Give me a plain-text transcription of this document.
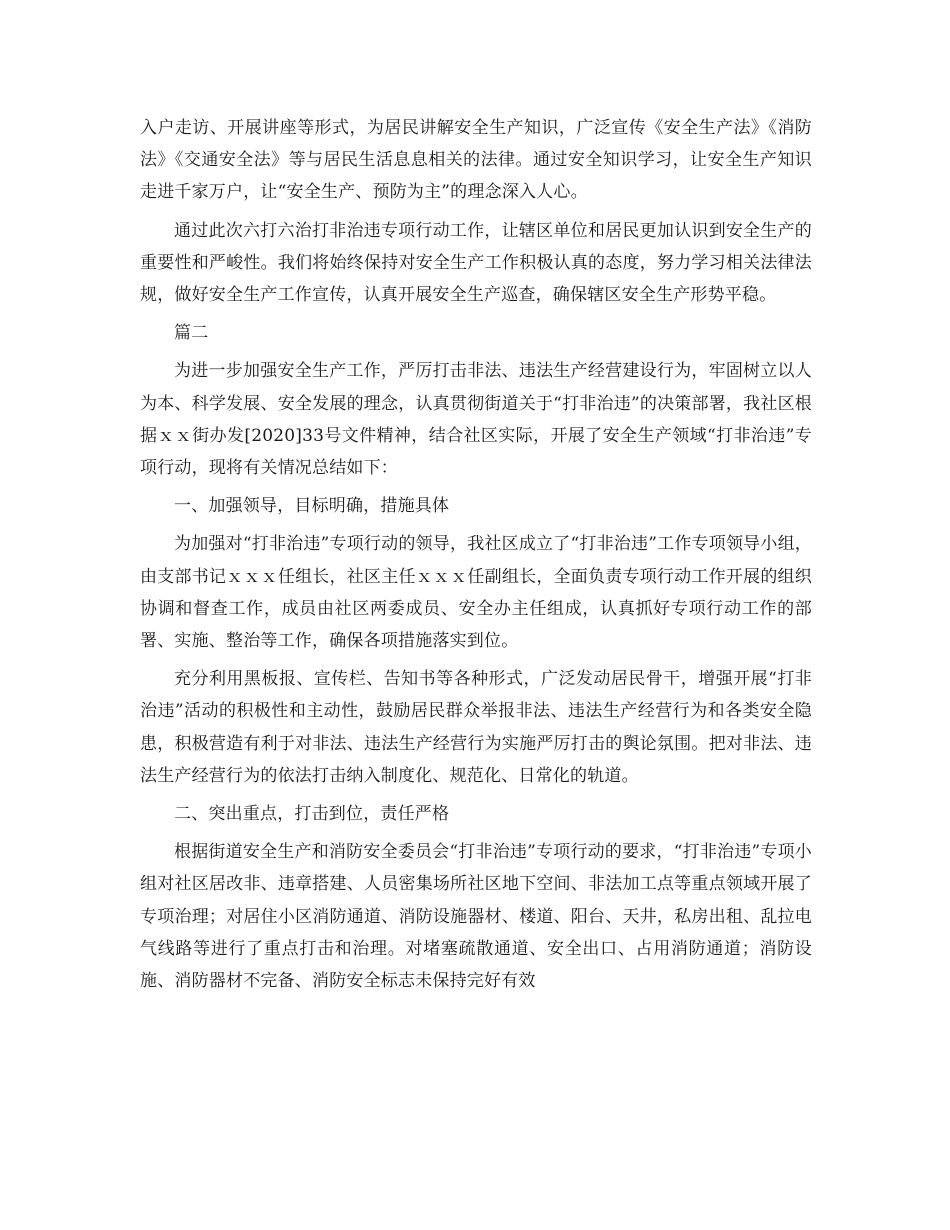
入户走访、开展讲座等形式，为居民讲解安全生产知识，广泛宣传《安全生产法》《消防法》《交通安全法》等与居民生活息息相关的法律。通过安全知识学习，让安全生产知识走进千家万户，让“安全生产、预防为主”的理念深入人心。

通过此次六打六治打非治违专项行动工作，让辖区单位和居民更加认识到安全生产的重要性和严峻性。我们将始终保持对安全生产工作积极认真的态度，努力学习相关法律法规，做好安全生产工作宣传，认真开展安全生产巡查，确保辖区安全生产形势平稳。

篇二

为进一步加强安全生产工作，严厉打击非法、违法生产经营建设行为，牢固树立以人为本、科学发展、安全发展的理念，认真贯彻街道关于“打非治违”的决策部署，我社区根据ｘｘ街办发[2020]33号文件精神，结合社区实际，开展了安全生产领域“打非治违”专项行动，现将有关情况总结如下：

一、加强领导，目标明确，措施具体

为加强对“打非治违”专项行动的领导，我社区成立了“打非治违”工作专项领导小组，由支部书记ｘｘｘ任组长，社区主任ｘｘｘ任副组长，全面负责专项行动工作开展的组织协调和督查工作，成员由社区两委成员、安全办主任组成，认真抓好专项行动工作的部署、实施、整治等工作，确保各项措施落实到位。

充分利用黑板报、宣传栏、告知书等各种形式，广泛发动居民骨干，增强开展“打非治违”活动的积极性和主动性，鼓励居民群众举报非法、违法生产经营行为和各类安全隐患，积极营造有利于对非法、违法生产经营行为实施严厉打击的舆论氛围。把对非法、违法生产经营行为的依法打击纳入制度化、规范化、日常化的轨道。

二、突出重点，打击到位，责任严格

根据街道安全生产和消防安全委员会“打非治违”专项行动的要求，“打非治违”专项小组对社区居改非、违章搭建、人员密集场所社区地下空间、非法加工点等重点领域开展了专项治理；对居住小区消防通道、消防设施器材、楼道、阳台、天井，私房出租、乱拉电气线路等进行了重点打击和治理。对堵塞疏散通道、安全出口、占用消防通道；消防设施、消防器材不完备、消防安全标志未保持完好有效
